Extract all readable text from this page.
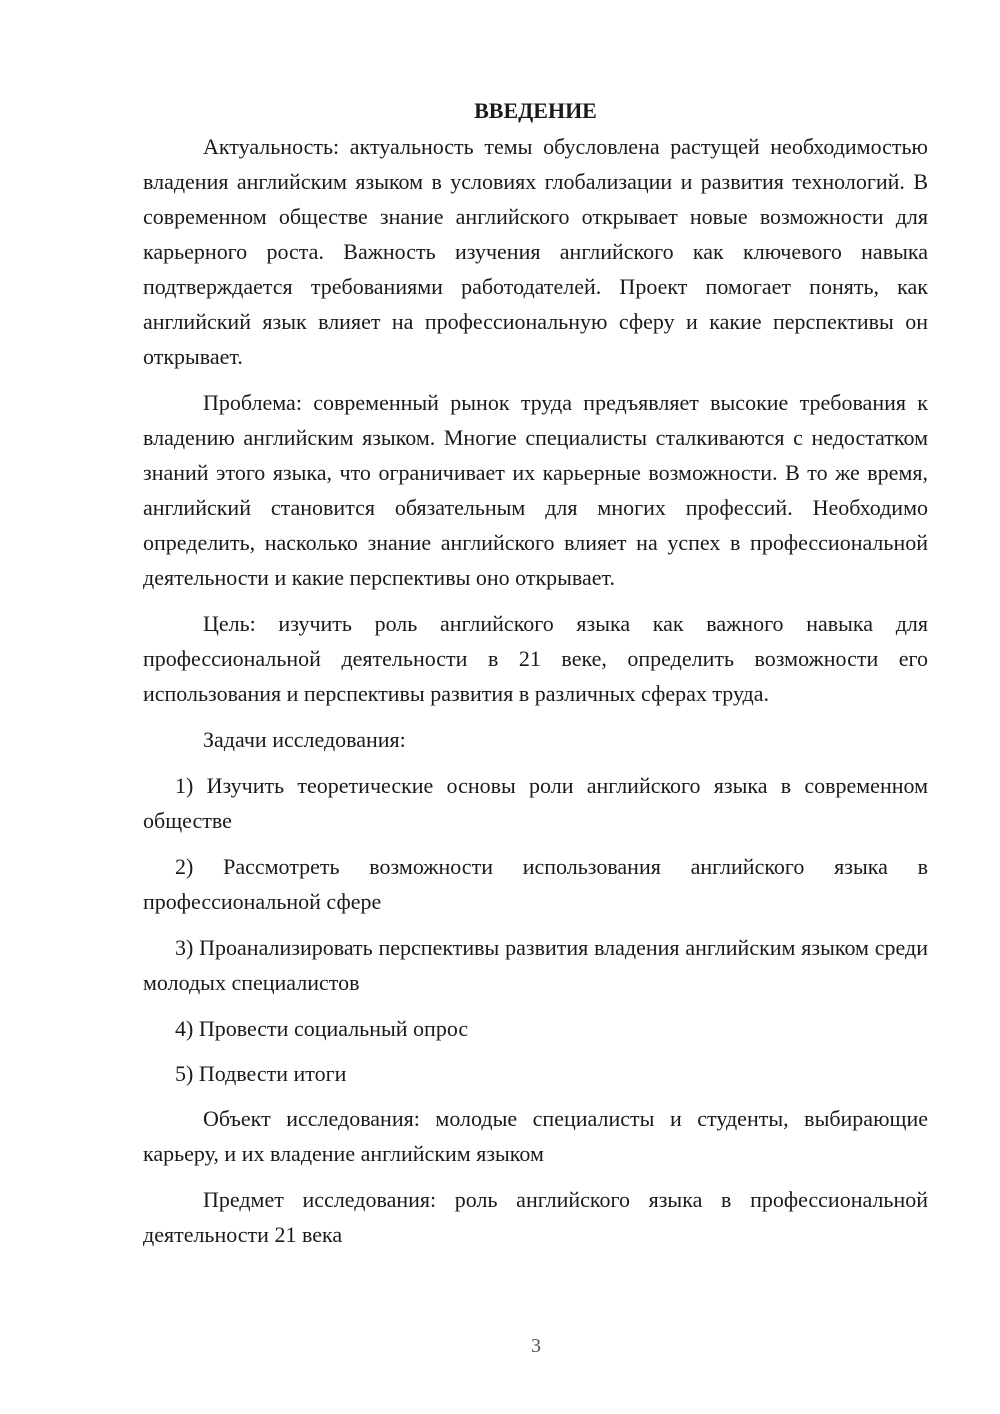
ВВЕДЕНИЕ

Актуальность: актуальность темы обусловлена растущей необходимостью владения английским языком в условиях глобализации и развития технологий. В современном обществе знание английского открывает новые возможности для карьерного роста. Важность изучения английского как ключевого навыка подтверждается требованиями работодателей. Проект помогает понять, как английский язык влияет на профессиональную сферу и какие перспективы он открывает.

Проблема: современный рынок труда предъявляет высокие требования к владению английским языком. Многие специалисты сталкиваются с недостатком знаний этого языка, что ограничивает их карьерные возможности. В то же время, английский становится обязательным для многих профессий. Необходимо определить, насколько знание английского влияет на успех в профессиональной деятельности и какие перспективы оно открывает.

Цель: изучить роль английского языка как важного навыка для профессиональной деятельности в 21 веке, определить возможности его использования и перспективы развития в различных сферах труда.

Задачи исследования:

1) Изучить теоретические основы роли английского языка в современном обществе

2) Рассмотреть возможности использования английского языка в профессиональной сфере

3) Проанализировать перспективы развития владения английским языком среди молодых специалистов

4) Провести социальный опрос

5) Подвести итоги

Объект исследования: молодые специалисты и студенты, выбирающие карьеру, и их владение английским языком

Предмет исследования: роль английского языка в профессиональной деятельности 21 века

3
